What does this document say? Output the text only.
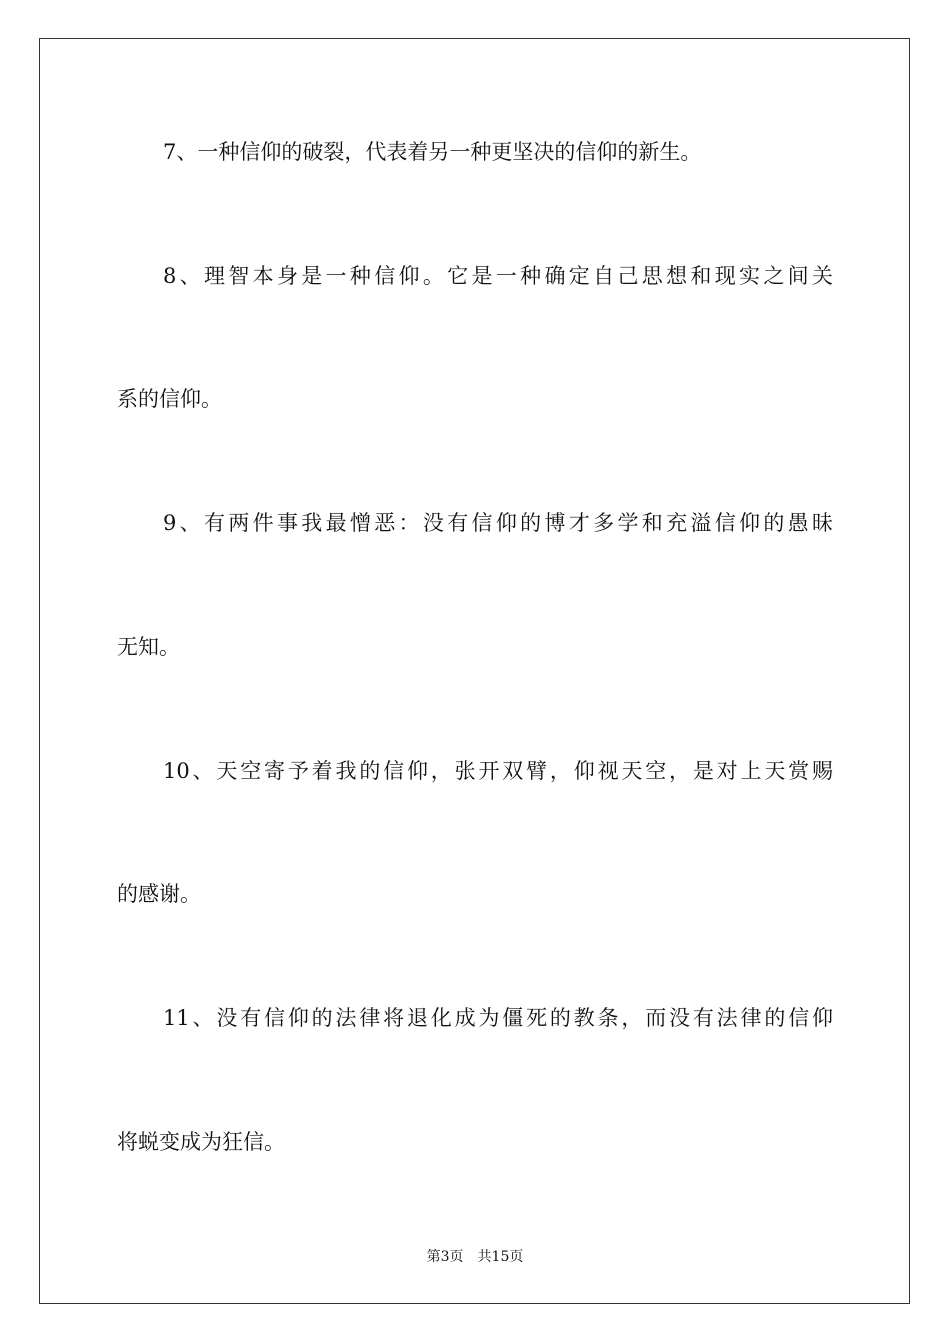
7、一种信仰的破裂，代表着另一种更坚决的信仰的新生。
8、理智本身是一种信仰。它是一种确定自己思想和现实之间关
系的信仰。
9、有两件事我最憎恶：没有信仰的博才多学和充溢信仰的愚昧
无知。
10、天空寄予着我的信仰，张开双臂，仰视天空，是对上天赏赐
的感谢。
11、没有信仰的法律将退化成为僵死的教条，而没有法律的信仰
将蜕变成为狂信。
第3页　共15页
